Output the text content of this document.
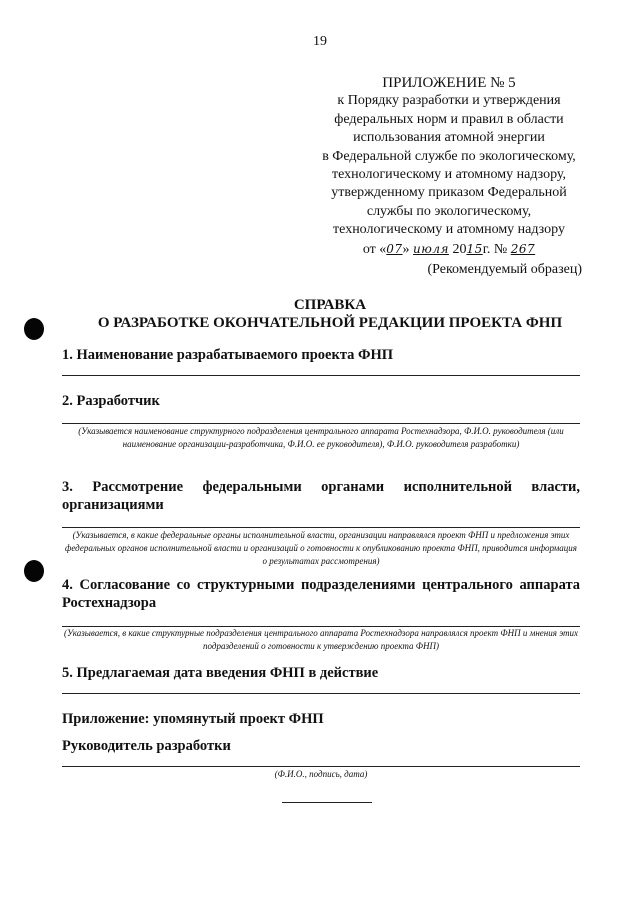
19
ПРИЛОЖЕНИЕ № 5
к Порядку разработки и утверждения
федеральных норм и правил в области
использования атомной энергии
в Федеральной службе по экологическому,
технологическому и атомному надзору,
утвержденному приказом Федеральной
службы по экологическому,
технологическому и атомному надзору
от «07» июля 2015г. № 267
(Рекомендуемый образец)
СПРАВКА
О РАЗРАБОТКЕ ОКОНЧАТЕЛЬНОЙ РЕДАКЦИИ ПРОЕКТА ФНП
1. Наименование разрабатываемого проекта ФНП
2. Разработчик
(Указывается наименование структурного подразделения центрального аппарата Ростехнадзора, Ф.И.О. руководителя (или наименование организации-разработчика, Ф.И.О. ее руководителя), Ф.И.О. руководителя разработки)
3. Рассмотрение федеральными органами исполнительной власти,
организациями
(Указывается, в какие федеральные органы исполнительной власти, организации направлялся проект ФНП и предложения этих федеральных органов исполнительной власти и организаций о готовности к опубликованию проекта ФНП, приводится информация о результатах рассмотрения)
4. Согласование со структурными подразделениями центрального аппарата
Ростехнадзора
(Указывается, в какие структурные подразделения центрального аппарата Ростехнадзора направлялся проект ФНП и мнения этих подразделений о готовности к утверждению проекта ФНП)
5. Предлагаемая дата введения ФНП в действие
Приложение: упомянутый проект ФНП
Руководитель разработки
(Ф.И.О., подпись, дата)
